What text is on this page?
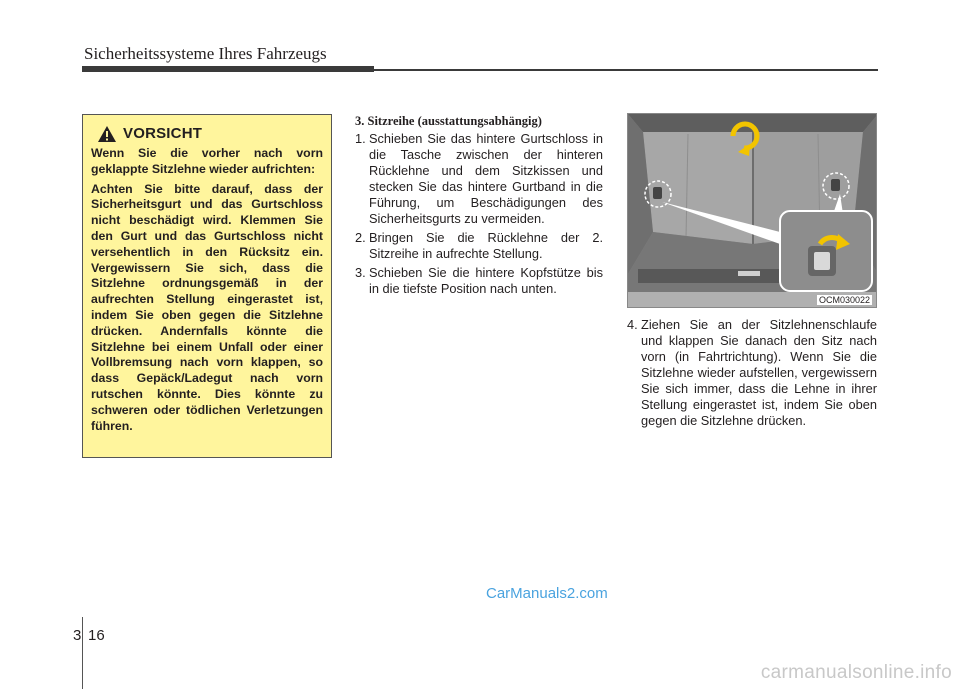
Sicherheitssysteme Ihres Fahrzeugs
VORSICHT

Wenn Sie die vorher nach vorn geklappte Sitzlehne wieder aufrichten:

Achten Sie bitte darauf, dass der Sicherheitsgurt und das Gurtschloss nicht beschädigt wird. Klemmen Sie den Gurt und das Gurtschloss nicht versehentlich in den Rücksitz ein. Vergewissern Sie sich, dass die Sitzlehne ordnungsgemäß in der aufrechten Stellung eingerastet ist, indem Sie oben gegen die Sitzlehne drücken. Andernfalls könnte die Sitzlehne bei einem Unfall oder einer Vollbremsung nach vorn klappen, so dass Gepäck/Ladegut nach vorn rutschen könnte. Dies könnte zu schweren oder tödlichen Verletzungen führen.

3. Sitzreihe (ausstattungsabhängig)
1. Schieben Sie das hintere Gurtschloss in die Tasche zwischen der hinteren Rücklehne und dem Sitzkissen und stecken Sie das hintere Gurtband in die Führung, um Beschädigungen des Sicherheitsgurts zu vermeiden.
2. Bringen Sie die Rücklehne der 2. Sitzreihe in aufrechte Stellung.
3. Schieben Sie die hintere Kopfstütze bis in die tiefste Position nach unten.
OCM030022
4. Ziehen Sie an der Sitzlehnenschlaufe und klappen Sie danach den Sitz nach vorn (in Fahrtrichtung). Wenn Sie die Sitzlehne wieder aufstellen, vergewissern Sie sich immer, dass die Lehne in ihrer Stellung eingerastet ist, indem Sie oben gegen die Sitzlehne drücken.
CarManuals2.com
3 16
carmanualsonline.info
